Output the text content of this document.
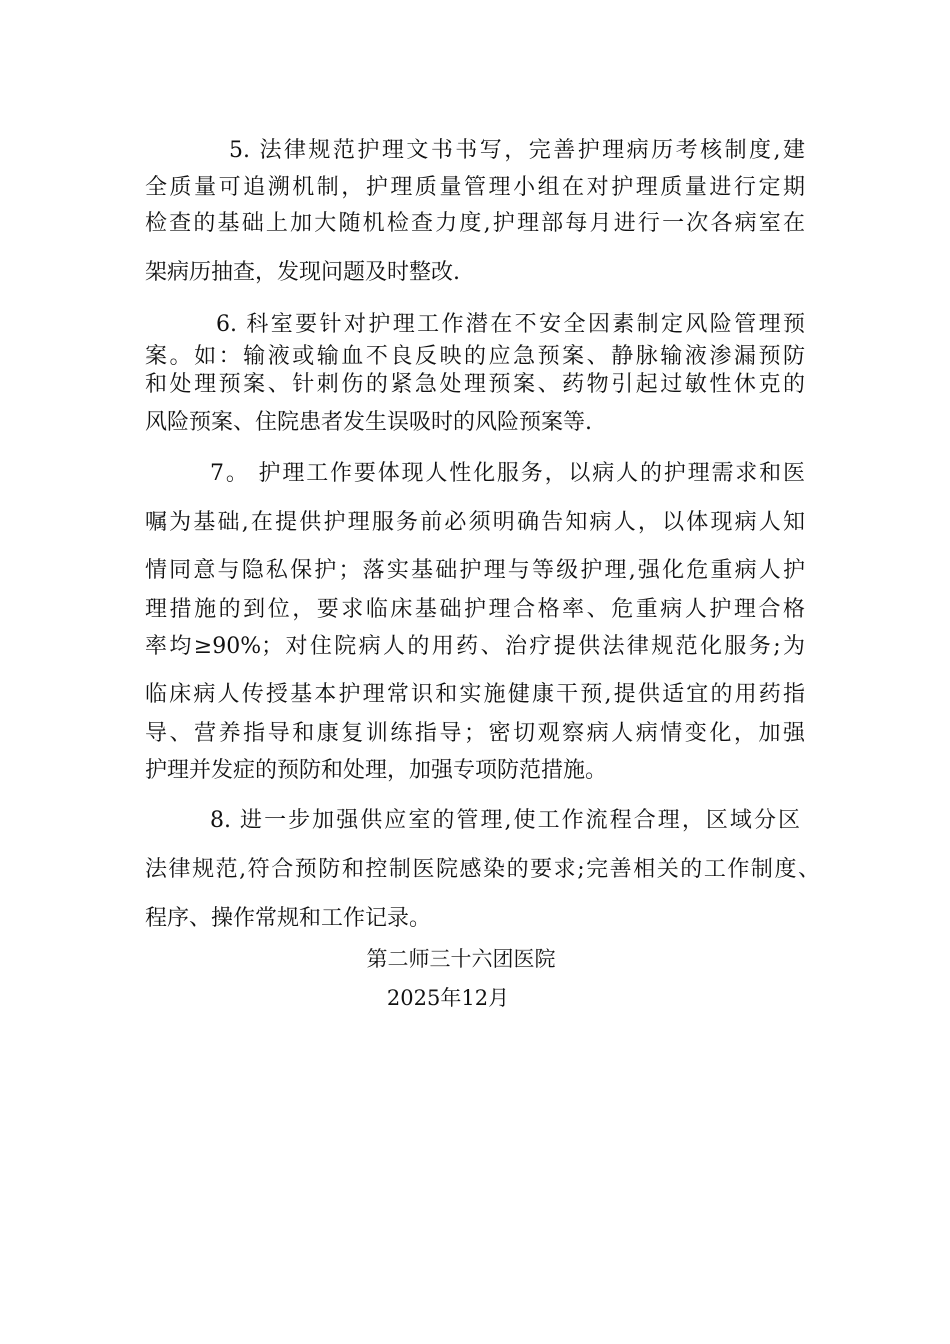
5. 法律规范护理文书书写，完善护理病历考核制度,建
全质量可追溯机制，护理质量管理小组在对护理质量进行定期
检查的基础上加大随机检查力度,护理部每月进行一次各病室在
架病历抽查，发现问题及时整改.
6. 科室要针对护理工作潜在不安全因素制定风险管理预
案。如：输液或输血不良反映的应急预案、静脉输液渗漏预防
和处理预案、针刺伤的紧急处理预案、药物引起过敏性休克的
风险预案、住院患者发生误吸时的风险预案等.
7。 护理工作要体现人性化服务，以病人的护理需求和医
嘱为基础,在提供护理服务前必须明确告知病人，以体现病人知
情同意与隐私保护；落实基础护理与等级护理,强化危重病人护
理措施的到位，要求临床基础护理合格率、危重病人护理合格
率均≥90%；对住院病人的用药、治疗提供法律规范化服务;为
临床病人传授基本护理常识和实施健康干预,提供适宜的用药指
导、营养指导和康复训练指导；密切观察病人病情变化，加强
护理并发症的预防和处理，加强专项防范措施。
8. 进一步加强供应室的管理,使工作流程合理，区域分区
法律规范,符合预防和控制医院感染的要求;完善相关的工作制度、
程序、操作常规和工作记录。
第二师三十六团医院
2025年12月
